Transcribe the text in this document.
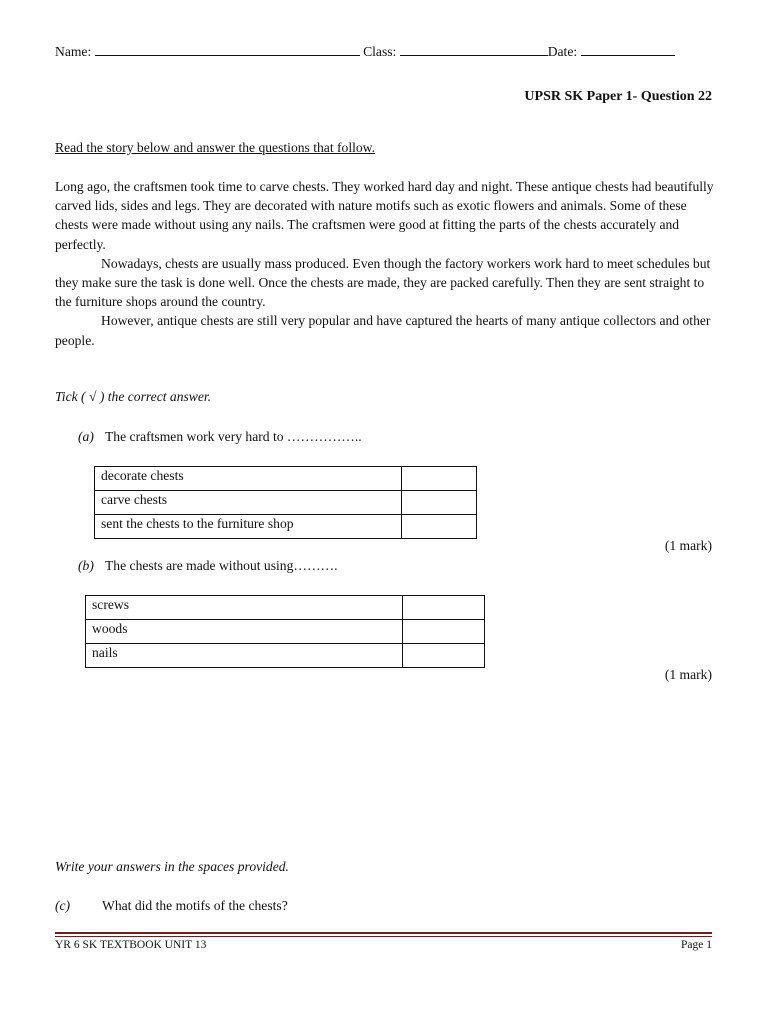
Name:	Class:	Date:
UPSR SK Paper 1- Question 22
Read the story below and answer the questions that follow.

Long ago, the craftsmen took time to carve chests. They worked hard day and night. These antique chests had beautifully carved lids, sides and legs. They are decorated with nature motifs such as exotic flowers and animals. Some of these chests were made without using any nails. The craftsmen were good at fitting the parts of the chests accurately and perfectly.

Nowadays, chests are usually mass produced. Even though the factory workers work hard to meet schedules but they make sure the task is done well. Once the chests are made, they are packed carefully. Then they are sent straight to the furniture shops around the country.

However, antique chests are still very popular and have captured the hearts of many antique collectors and other people.

Tick ( √ ) the correct answer.
(a) The craftsmen work very hard to ……………..
decorate chests	
carve chests	
sent the chests to the furniture shop	
(1 mark)
(b) The chests are made without using……….
screws	
woods	
nails	
(1 mark)
Write your answers in the spaces provided.
(c) What did the motifs of the chests?
YR 6 SK TEXTBOOK UNIT 13	Page 1
